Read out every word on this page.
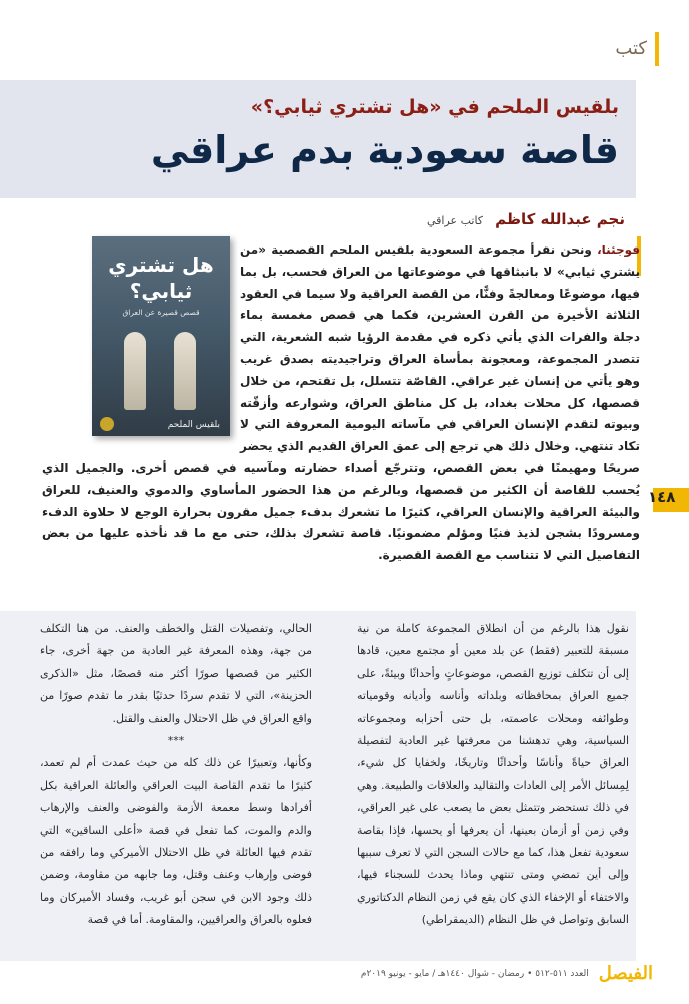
كتب
بلقيس الملحم في «هل تشتري ثيابي؟»
قاصة سعودية بدم عراقي
نجم عبدالله كاظم
كاتب عراقي
هل تشتري
ثيابي؟
قصص قصيرة عن العراق
بلقيس الملحم

فوجئنا، ونحن نقرأ مجموعة السعودية بلقيس الملحم القصصية «من يشتري ثيابي» لا بانبثاقها في موضوعاتها من العراق فحسب، بل بما فيها، موضوعًا ومعالجةً وفنًّا، من القصة العراقية ولا سيما في العقود الثلاثة الأخيرة من القرن العشرين، فكما هي قصص مغمسة بماء دجلة والفرات الذي يأتي ذكره في مقدمة الرؤيا شبه الشعرية، التي تتصدر المجموعة، ومعجونة بمأساة العراق وتراجيديته بصدق غريب وهو يأتي من إنسان غير عراقي. القاصّة تتسلل، بل تقتحم، من خلال قصصها، كل محلات بغداد، بل كل مناطق العراق، وشوارعه وأزقّته وبيوته لتقدم الإنسان العراقي في مآساته اليومية المعروفة التي لا تكاد تنتهي. وخلال ذلك هي ترجع إلى عمق العراق القديم الذي يحضر صريحًا ومهيمنًا في بعض القصص، وتترجّع أصداء حضارته ومآسيه في قصص أخرى. والجميل الذي يُحسب للقاصة أن الكثير من قصصها، وبالرغم من هذا الحضور المأساوي والدموي والعنيف، للعراق والبيئة العراقية والإنسان العراقي، كثيرًا ما تشعرك بدفء جميل مقرون بحرارة الوجع لا حلاوة الدفء ومسرودًا بشجن لذيذ فنيًا ومؤلم مضمونيًا. قاصة تشعرك بذلك، حتى مع ما قد نأخذه عليها من بعض التفاصيل التي لا تتناسب مع القصة القصيرة.

١٤٨

نقول هذا بالرغم من أن انطلاق المجموعة كاملة من نية مسبقة للتعبير (فقط) عن بلد معين أو مجتمع معين، قادها إلى أن تتكلف توزيع القصص، موضوعاتٍ وأحداثًا وبيئةً، على جميع العراق بمحافظاته وبلداته وأناسه وأديانه وقومياته وطوائفه ومحلات عاصمته، بل حتى أحزابه ومجموعاته السياسية، وهي تدهشنا من معرفتها غير العادية لتفصيلة العراق حياةً وأناسًا وأحداثًا وتاريخًا، ولخفايا كل شيء، لِمِسائل الأمر إلى العادات والتقاليد والعلاقات والطبيعة. وهي في ذلك تستحضر وتتمثل بعض ما يصعب على غير العراقي، وفي زمن أو أزمان بعينها، أن يعرفها أو يحسها، فإذا بقاصة سعودية تفعل هذا، كما مع حالات السجن التي لا تعرف سببها وإلى أين تمضي ومتى تنتهي وماذا يحدث للسجناء فيها، والاختفاء أو الإخفاء الذي كان يقع في زمن النظام الدكتاتوري السابق وتواصل في ظل النظام (الديمقراطي)

الحالي، وتفصيلات القتل والخطف والعنف. من هنا التكلف من جهة، وهذه المعرفة غير العادية من جهة أخرى، جاء الكثير من قصصها صورًا أكثر منه قصصًا، مثل «الذكرى الحزينة»، التي لا تقدم سردًا حدثيًا بقدر ما تقدم صورًا من واقع العراق في ظل الاحتلال والعنف والقتل.

***

وكأنها، وتعبيرًا عن ذلك كله من حيث عمدت أم لم تعمد، كثيرًا ما تقدم القاصة البيت العراقي والعائلة العراقية بكل أفرادها وسط معمعة الأزمة والفوضى والعنف والإرهاب والدم والموت، كما تفعل في قصة «أعلى الساقين» التي تقدم فيها العائلة في ظل الاحتلال الأميركي وما رافقه من فوضى وإرهاب وعنف وقتل، وما جابهه من مقاومة، وضمن ذلك وجود الابن في سجن أبو غريب، وفساد الأميركان وما فعلوه بالعراق والعراقيين، والمقاومة. أما في قصة

الفيصل
العدد ٥١١-٥١٢ • رمضان - شوال ١٤٤٠هـ / مايو - يونيو ٢٠١٩م
